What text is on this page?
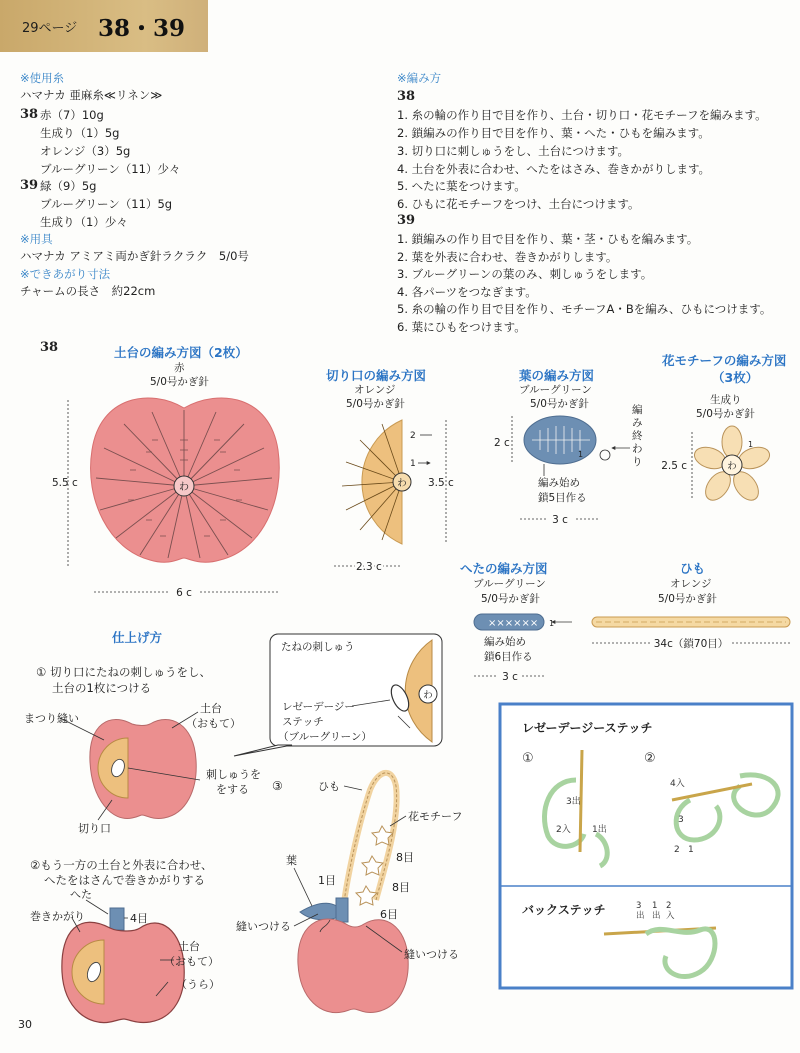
29ページ 38・39
※使用糸
ハマナカ 亜麻糸≪リネン≫
38 赤（7）10g
生成り（1）5g
オレンジ（3）5g
ブルーグリーン（11）少々
39 緑（9）5g
ブルーグリーン（11）5g
生成り（1）少々
※用具
ハマナカ アミアミ両かぎ針ラクラク　5/0号
※できあがり寸法
チャームの長さ　約22cm
※編み方
38
1. 糸の輪の作り目で目を作り、土台・切り口・花モチーフを編みます。
2. 鎖編みの作り目で目を作り、葉・へた・ひもを編みます。
3. 切り口に刺しゅうをし、土台につけます。
4. 土台を外表に合わせ、へたをはさみ、巻きかがりします。
5. へたに葉をつけます。
6. ひもに花モチーフをつけ、土台につけます。
39
1. 鎖編みの作り目で目を作り、葉・茎・ひもを編みます。
2. 葉を外表に合わせ、巻きかがりします。
3. ブルーグリーンの葉のみ、刺しゅうをします。
4. 各パーツをつなぎます。
5. 糸の輪の作り目で目を作り、モチーフA・Bを編み、ひもにつけます。
6. 葉にひもをつけます。
38	土台の編み方図（2枚）
赤
5/0号かぎ針	切り口の編み方図
オレンジ
5/0号かぎ針
葉の編み方図
ブルーグリーン
5/0号かぎ針
花モチーフの編み方図
（3枚）
生成り
5/0号かぎ針
へたの編み方図
ブルーグリーン
5/0号かぎ針
ひも
オレンジ
5/0号かぎ針
仕上げ方
① 切り口にたねの刺しゅうをし、
土台の1枚につける
②もう一方の土台と外表に合わせ、
へたをはさんで巻きかがりする
30
わ
5.5 c
6 c
わ
2
1
3.5 c
2.3 c
1
2 c
編み始め
鎖5目作る
3 c
わ
1
2.5 c
×××××× 1
編み始め
鎖6目作る
3 c
34c（鎖70目）
まつり縫い
土台
（おもて）
刺しゅうを
をする
切り口
たねの刺しゅう
わ
レゼーデージー
ステッチ
（ブルーグリーン）
③
へた
巻きかがり	4目
土台
（おもて）
（うら）
ひも
花モチーフ
8目
8目
6目
葉
1目
縫いつける
縫いつける
レゼーデージーステッチ
①	②
3出
2入 1出
4入
3
2 1
バックステッチ	3
出
1
出
2
入
編み終わり
